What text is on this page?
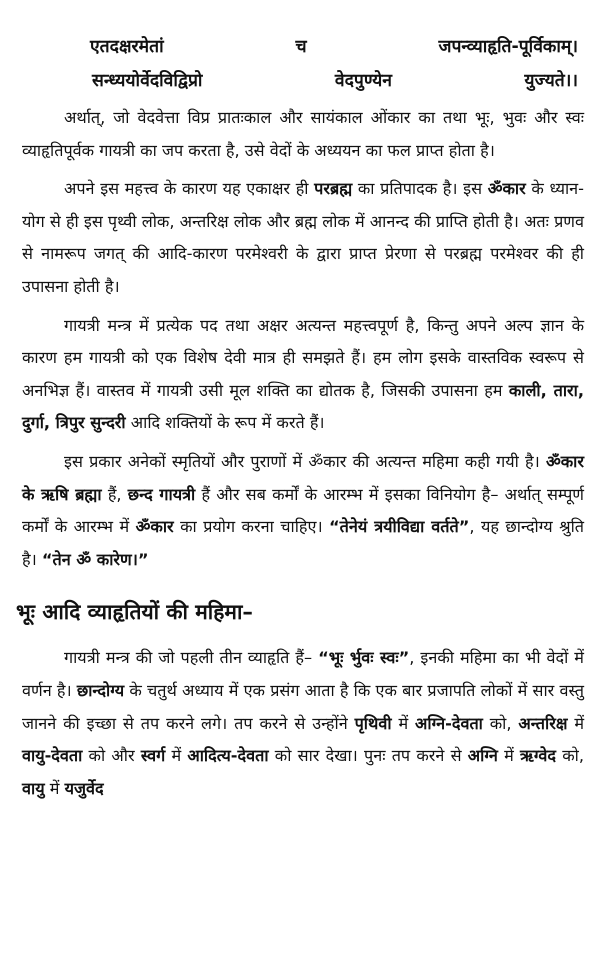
एतदक्षरमेतां	च	जपन्व्याहृति-पूर्विकाम्।
सन्ध्ययोर्वेदविद्विप्रो	वेदपुण्येन	युज्यते।।

अर्थात्, जो वेदवेत्ता विप्र प्रातःकाल और सायंकाल ओंकार का तथा भूः, भुवः और स्वः व्याहृतिपूर्वक गायत्री का जप करता है, उसे वेदों के अध्ययन का फल प्राप्त होता है।

अपने इस महत्त्व के कारण यह एकाक्षर ही परब्रह्म का प्रतिपादक है। इस ॐकार के ध्यान-योग से ही इस पृथ्वी लोक, अन्तरिक्ष लोक और ब्रह्म लोक में आनन्द की प्राप्ति होती है। अतः प्रणव से नामरूप जगत् की आदि-कारण परमेश्वरी के द्वारा प्राप्त प्रेरणा से परब्रह्म परमेश्वर की ही उपासना होती है।

गायत्री मन्त्र में प्रत्येक पद तथा अक्षर अत्यन्त महत्त्वपूर्ण है, किन्तु अपने अल्प ज्ञान के कारण हम गायत्री को एक विशेष देवी मात्र ही समझते हैं। हम लोग इसके वास्तविक स्वरूप से अनभिज्ञ हैं। वास्तव में गायत्री उसी मूल शक्ति का द्योतक है, जिसकी उपासना हम काली, तारा, दुर्गा, त्रिपुर सुन्दरी आदि शक्तियों के रूप में करते हैं।

इस प्रकार अनेकों स्मृतियों और पुराणों में ॐकार की अत्यन्त महिमा कही गयी है। ॐकार के ऋषि ब्रह्मा हैं, छन्द गायत्री हैं और सब कर्मों के आरम्भ में इसका विनियोग है– अर्थात् सम्पूर्ण कर्मों के आरम्भ में ॐकार का प्रयोग करना चाहिए। “तेनेयं त्रयीविद्या वर्तते”, यह छान्दोग्य श्रुति है। “तेन ॐ कारेण।”

भूः आदि व्याहृतियों की महिमा–

गायत्री मन्त्र की जो पहली तीन व्याहृति हैं– “भूः र्भुवः स्वः”, इनकी महिमा का भी वेदों में वर्णन है। छान्दोग्य के चतुर्थ अध्याय में एक प्रसंग आता है कि एक बार प्रजापति लोकों में सार वस्तु जानने की इच्छा से तप करने लगे। तप करने से उन्होंने पृथिवी में अग्नि-देवता को, अन्तरिक्ष में वायु-देवता को और स्वर्ग में आदित्य-देवता को सार देखा। पुनः तप करने से अग्नि में ऋग्वेद को, वायु में यजुर्वेद
